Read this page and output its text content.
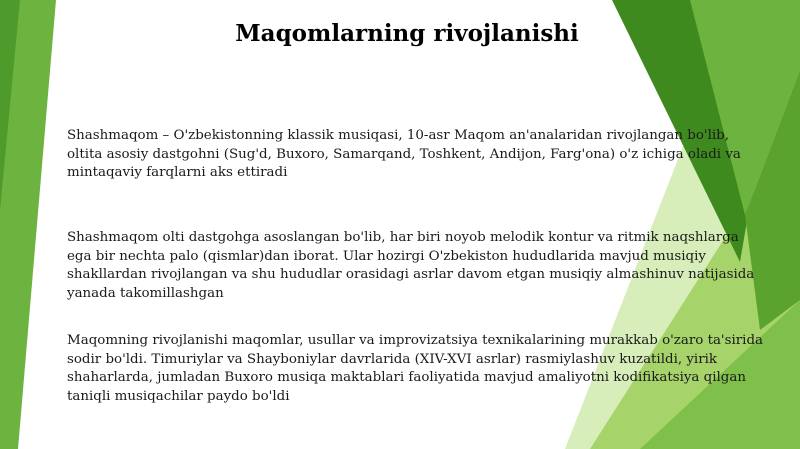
Maqomlarning rivojlanishi

Shashmaqom – O'zbekistonning klassik musiqasi, 10-asr Maqom an'analaridan rivojlangan bo'lib, oltita asosiy dastgohni (Sug'd, Buxoro, Samarqand, Toshkent, Andijon, Farg'ona) o'z ichiga oladi va mintaqaviy farqlarni aks ettiradi

Shashmaqom olti dastgohga asoslangan bo'lib, har biri noyob melodik kontur va ritmik naqshlarga ega bir nechta palo (qismlar)dan iborat. Ular hozirgi O'zbekiston hududlarida mavjud musiqiy shakllardan rivojlangan va shu hududlar orasidagi asrlar davom etgan musiqiy almashinuv natijasida yanada takomillashgan

Maqomning rivojlanishi maqomlar, usullar va improvizatsiya texnikalarining murakkab o'zaro ta'sirida sodir bo'ldi. Timuriylar va Shayboniylar davrlarida (XIV-XVI asrlar) rasmiylashuv kuzatildi, yirik shaharlarda, jumladan Buxoro musiqa maktablari faoliyatida mavjud amaliyotni kodifikatsiya qilgan taniqli musiqachilar paydo bo'ldi
